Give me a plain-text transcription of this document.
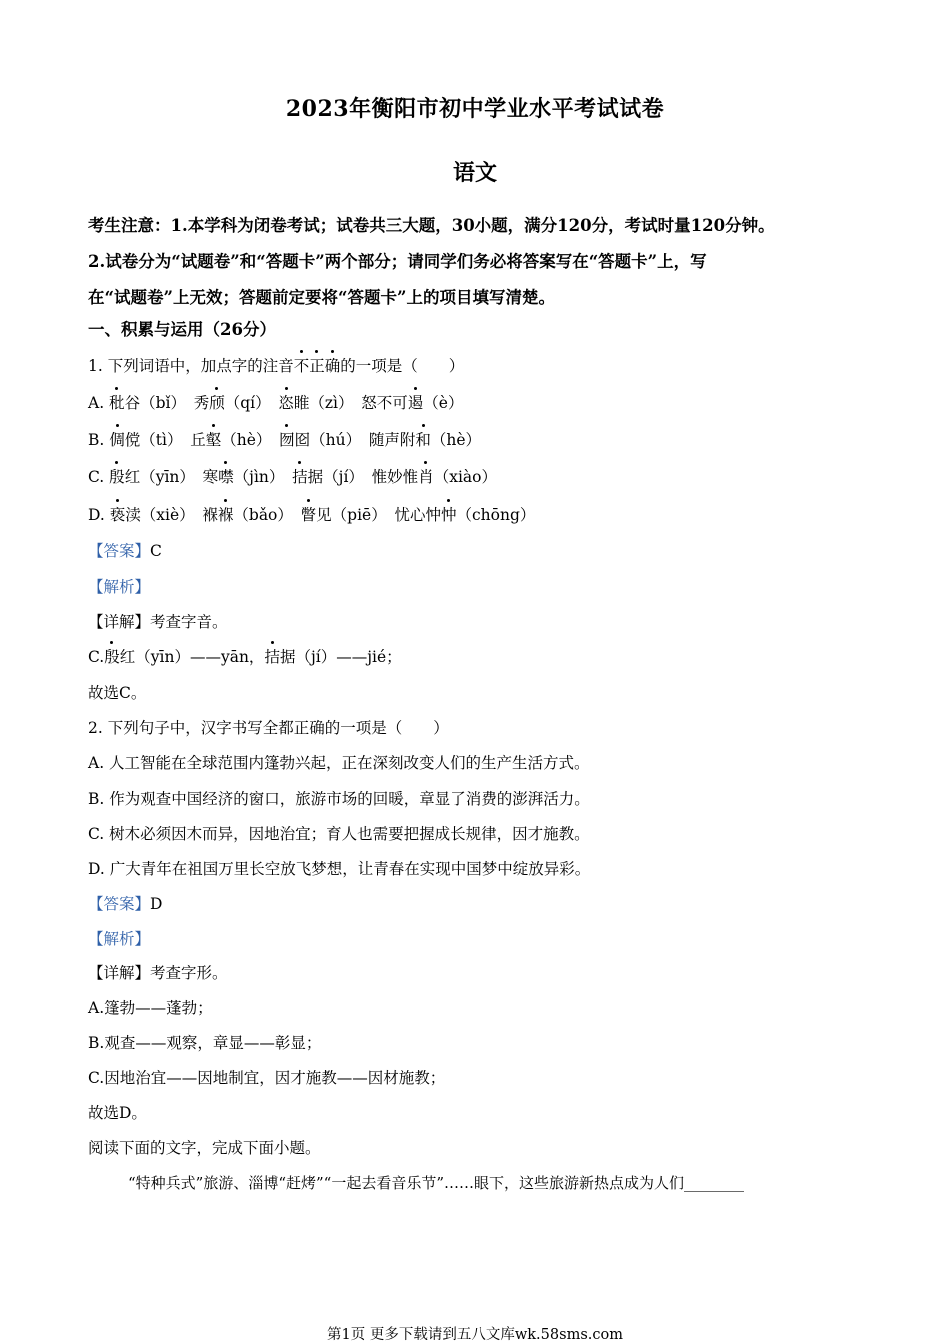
2023年衡阳市初中学业水平考试试卷
语文
考生注意：1.本学科为闭卷考试；试卷共三大题，30小题，满分120分，考试时量120分钟。
2.试卷分为“试题卷”和“答题卡”两个部分；请同学们务必将答案写在“答题卡”上，写
在“试题卷”上无效；答题前定要将“答题卡”上的项目填写清楚。
一、积累与运用（26分）
1. 下列词语中，加点字的注音不正确的一项是（　　）
A. 秕谷（bǐ）　秀颀（qí）　恣睢（zì）　怒不可遏（è）
B. 倜傥（tì）　丘壑（hè）　囫囵（hú）　随声附和（hè）
C. 殷红（yīn）　寒噤（jìn）　拮据（jí）　惟妙惟肖（xiào）
D. 亵渎（xiè）　褓褓（bǎo）　瞥见（piē）　忧心忡忡（chōng）
【答案】C
【解析】
【详解】考查字音。
C.殷红（yīn）——yān，拮据（jí）——jié；
故选C。
2. 下列句子中，汉字书写全都正确的一项是（　　）
A. 人工智能在全球范围内篷勃兴起，正在深刻改变人们的生产生活方式。
B. 作为观查中国经济的窗口，旅游市场的回暖，章显了消费的澎湃活力。
C. 树木必须因木而异，因地治宜；育人也需要把握成长规律，因才施教。
D. 广大青年在祖国万里长空放飞梦想，让青春在实现中国梦中绽放异彩。
【答案】D
【解析】
【详解】考查字形。
A.篷勃——蓬勃；
B.观查——观察，章显——彰显；
C.因地治宜——因地制宜，因才施教——因材施教；
故选D。
阅读下面的文字，完成下面小题。
“特种兵式”旅游、淄博“赶烤”“一起去看音乐节”……眼下，这些旅游新热点成为人们________
第1页 更多下载请到五八文库wk.58sms.com
